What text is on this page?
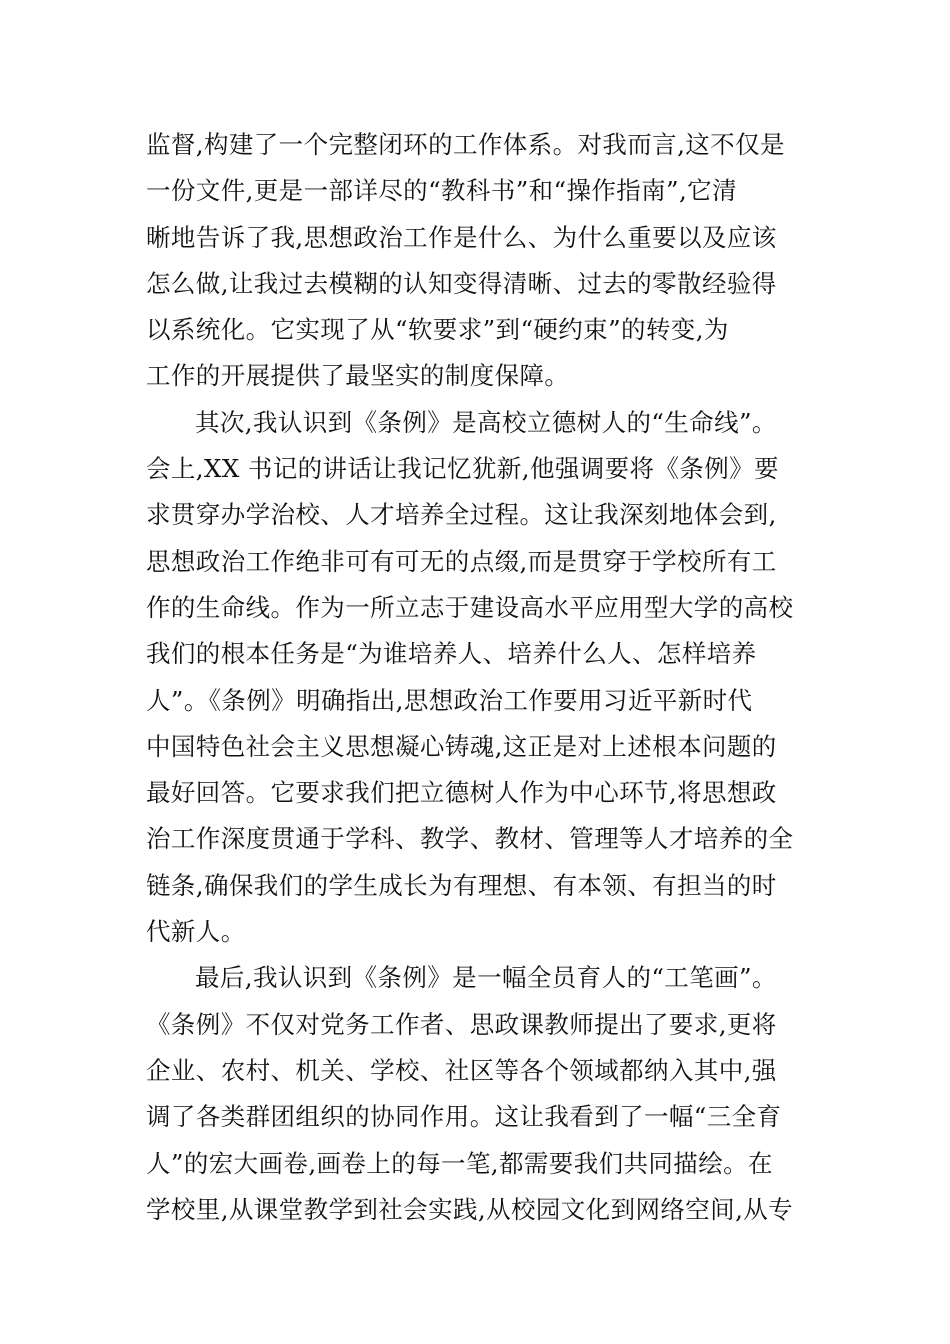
监督,构建了一个完整闭环的工作体系。对我而言,这不仅是
一份文件,更是一部详尽的“教科书”和“操作指南”,它清
晰地告诉了我,思想政治工作是什么、为什么重要以及应该
怎么做,让我过去模糊的认知变得清晰、过去的零散经验得
以系统化。它实现了从“软要求”到“硬约束”的转变,为
工作的开展提供了最坚实的制度保障。
其次,我认识到《条例》是高校立德树人的“生命线”。
会上,XX 书记的讲话让我记忆犹新,他强调要将《条例》要
求贯穿办学治校、人才培养全过程。这让我深刻地体会到,
思想政治工作绝非可有可无的点缀,而是贯穿于学校所有工
作的生命线。作为一所立志于建设高水平应用型大学的高校
我们的根本任务是“为谁培养人、培养什么人、怎样培养
人”。《条例》明确指出,思想政治工作要用习近平新时代
中国特色社会主义思想凝心铸魂,这正是对上述根本问题的
最好回答。它要求我们把立德树人作为中心环节,将思想政
治工作深度贯通于学科、教学、教材、管理等人才培养的全
链条,确保我们的学生成长为有理想、有本领、有担当的时
代新人。
最后,我认识到《条例》是一幅全员育人的“工笔画”。
《条例》不仅对党务工作者、思政课教师提出了要求,更将
企业、农村、机关、学校、社区等各个领域都纳入其中,强
调了各类群团组织的协同作用。这让我看到了一幅“三全育
人”的宏大画卷,画卷上的每一笔,都需要我们共同描绘。在
学校里,从课堂教学到社会实践,从校园文化到网络空间,从专
